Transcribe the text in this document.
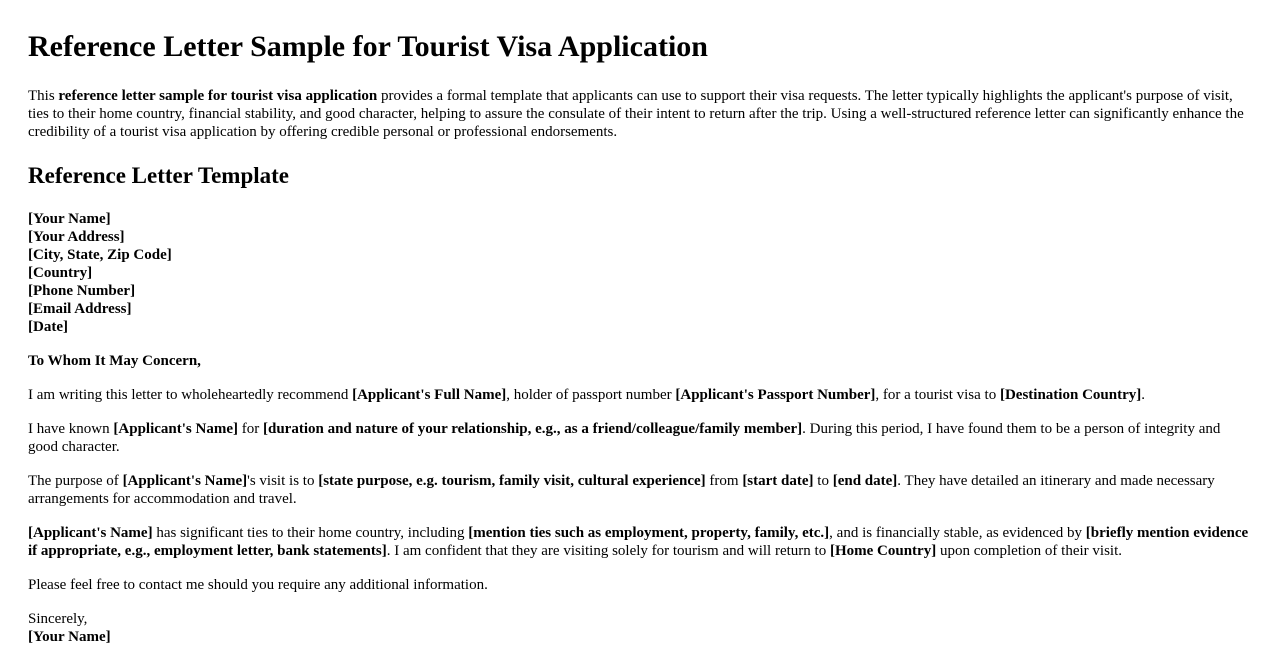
Reference Letter Sample for Tourist Visa Application

This reference letter sample for tourist visa application provides a formal template that applicants can use to support their visa requests. The letter typically highlights the applicant's purpose of visit, ties to their home country, financial stability, and good character, helping to assure the consulate of their intent to return after the trip. Using a well-structured reference letter can significantly enhance the credibility of a tourist visa application by offering credible personal or professional endorsements.

Reference Letter Template
[Your Name]
[Your Address]
[City, State, Zip Code]
[Country]
[Phone Number]
[Email Address]
[Date]

To Whom It May Concern,

I am writing this letter to wholeheartedly recommend [Applicant's Full Name], holder of passport number [Applicant's Passport Number], for a tourist visa to [Destination Country].

I have known [Applicant's Name] for [duration and nature of your relationship, e.g., as a friend/colleague/family member]. During this period, I have found them to be a person of integrity and good character.

The purpose of [Applicant's Name]'s visit is to [state purpose, e.g. tourism, family visit, cultural experience] from [start date] to [end date]. They have detailed an itinerary and made necessary arrangements for accommodation and travel.

[Applicant's Name] has significant ties to their home country, including [mention ties such as employment, property, family, etc.], and is financially stable, as evidenced by [briefly mention evidence if appropriate, e.g., employment letter, bank statements]. I am confident that they are visiting solely for tourism and will return to [Home Country] upon completion of their visit.

Please feel free to contact me should you require any additional information.

Sincerely,

[Your Name]
